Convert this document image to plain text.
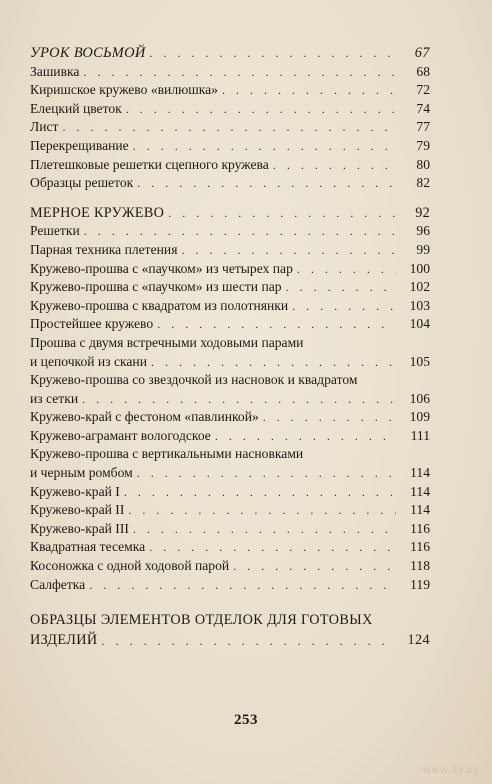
УРОК ВОСЬМОЙ . . .	67
Зашивка . . .	68
Киришское кружево «вилюшка» . . .	72
Елецкий цветок . . .	74
Лист . . .	77
Перекрещивание . . .	79
Плетешковые решетки сцепного кружева . . .	80
Образцы решеток . . .	82
МЕРНОЕ КРУЖЕВО . . .	92
Решетки . . .	96
Парная техника плетения . . .	99
Кружево-прошва с «паучком» из четырех пар . . .	100
Кружево-прошва с «паучком» из шести пар . . .	102
Кружево-прошва с квадратом из полотнянки . . .	103
Простейшее кружево . . .	104
Прошва с двумя встречными ходовыми парами
и цепочкой из скани . . .	105
Кружево-прошва со звездочкой из насновок и квадратом
из сетки . . .	106
Кружево-край с фестоном «павлинкой» . . .	109
Кружево-аграмант вологодское . . .	111
Кружево-прошва с вертикальными насновками
и черным ромбом . . .	114
Кружево-край I . . .	114
Кружево-край II . . .	114
Кружево-край III . . .	116
Квадратная тесемка . . .	116
Косоножка с одной ходовой парой . . .	118
Салфетка . . .	119
ОБРАЗЦЫ ЭЛЕМЕНТОВ ОТДЕЛОК ДЛЯ ГОТОВЫХ
ИЗДЕЛИЙ . . .	124
253
www.ay.by
